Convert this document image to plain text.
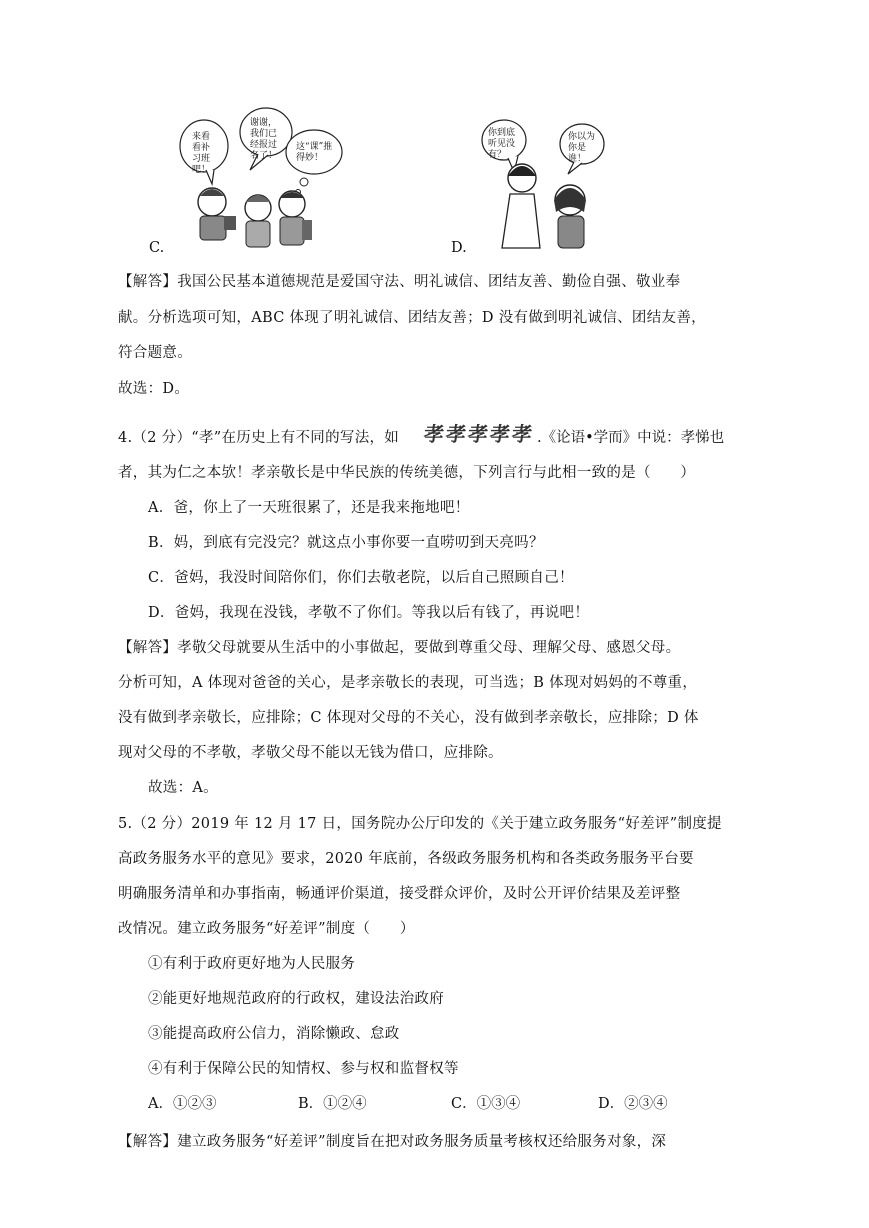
来看看补习班吧！
谢谢，我们已经报过名了！
这“课”推得妙！
C.
你到底听见没有？
你以为你是谁！
D.
【解答】我国公民基本道德规范是爱国守法、明礼诚信、团结友善、勤俭自强、敬业奉
献。分析选项可知，ABC 体现了明礼诚信、团结友善；D 没有做到明礼诚信、团结友善，
符合题意。
故选：D。
4.（2 分）“孝”在历史上有不同的写法，如 孝孝孝孝孝 .《论语•学而》中说：孝悌也
者，其为仁之本欤！孝亲敬长是中华民族的传统美德，下列言行与此相一致的是（　　）
A．爸，你上了一天班很累了，还是我来拖地吧！
B．妈，到底有完没完？就这点小事你要一直唠叨到天亮吗？
C．爸妈，我没时间陪你们，你们去敬老院，以后自己照顾自己！
D．爸妈，我现在没钱，孝敬不了你们。等我以后有钱了，再说吧！
【解答】孝敬父母就要从生活中的小事做起，要做到尊重父母、理解父母、感恩父母。
分析可知，A 体现对爸爸的关心，是孝亲敬长的表现，可当选；B 体现对妈妈的不尊重，
没有做到孝亲敬长，应排除；C 体现对父母的不关心，没有做到孝亲敬长，应排除；D 体
现对父母的不孝敬，孝敬父母不能以无钱为借口，应排除。
故选：A。
5.（2 分）2019 年 12 月 17 日，国务院办公厅印发的《关于建立政务服务“好差评”制度提
高政务服务水平的意见》要求，2020 年底前，各级政务服务机构和各类政务服务平台要
明确服务清单和办事指南，畅通评价渠道，接受群众评价，及时公开评价结果及差评整
改情况。建立政务服务“好差评”制度（　　）
①有利于政府更好地为人民服务
②能更好地规范政府的行政权，建设法治政府
③能提高政府公信力，消除懒政、怠政
④有利于保障公民的知情权、参与权和监督权等
A．①②③	B．①②④	C．①③④	D．②③④
【解答】建立政务服务“好差评”制度旨在把对政务服务质量考核权还给服务对象，深
